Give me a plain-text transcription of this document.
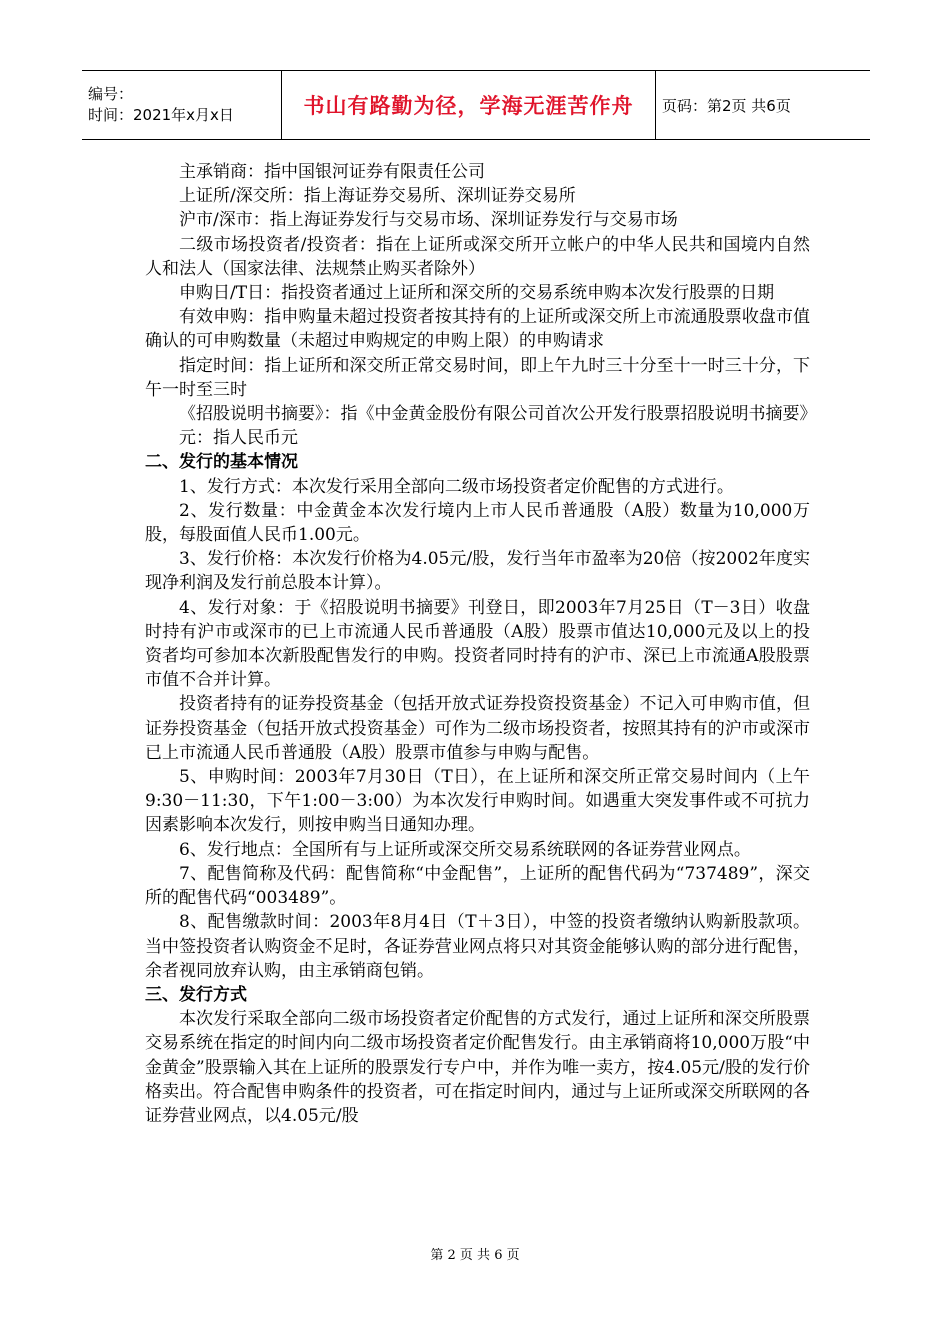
编号：
时间：2021年x月x日	书山有路勤为径，学海无涯苦作舟 页码：第2页 共6页

主承销商：指中国银河证券有限责任公司

上证所/深交所：指上海证券交易所、深圳证券交易所

沪市/深市：指上海证券发行与交易市场、深圳证券发行与交易市场

二级市场投资者/投资者：指在上证所或深交所开立帐户的中华人民共和国境内自然人和法人（国家法律、法规禁止购买者除外）

申购日/T日：指投资者通过上证所和深交所的交易系统申购本次发行股票的日期

有效申购：指申购量未超过投资者按其持有的上证所或深交所上市流通股票收盘市值确认的可申购数量（未超过申购规定的申购上限）的申购请求

指定时间：指上证所和深交所正常交易时间，即上午九时三十分至十一时三十分，下午一时至三时

《招股说明书摘要》：指《中金黄金股份有限公司首次公开发行股票招股说明书摘要》

元：指人民币元

二、发行的基本情况

1、发行方式：本次发行采用全部向二级市场投资者定价配售的方式进行。

2、发行数量：中金黄金本次发行境内上市人民币普通股（A股）数量为10,000万股，每股面值人民币1.00元。

3、发行价格：本次发行价格为4.05元/股，发行当年市盈率为20倍（按2002年度实现净利润及发行前总股本计算）。

4、发行对象：于《招股说明书摘要》刊登日，即2003年7月25日（T－3日）收盘时持有沪市或深市的已上市流通人民币普通股（A股）股票市值达10,000元及以上的投资者均可参加本次新股配售发行的申购。投资者同时持有的沪市、深已上市流通A股股票市值不合并计算。

投资者持有的证券投资基金（包括开放式证券投资投资基金）不记入可申购市值，但证券投资基金（包括开放式投资基金）可作为二级市场投资者，按照其持有的沪市或深市已上市流通人民币普通股（A股）股票市值参与申购与配售。

5、申购时间：2003年7月30日（T日），在上证所和深交所正常交易时间内（上午9:30－11:30，下午1:00－3:00）为本次发行申购时间。如遇重大突发事件或不可抗力因素影响本次发行，则按申购当日通知办理。

6、发行地点：全国所有与上证所或深交所交易系统联网的各证券营业网点。

7、配售简称及代码：配售简称“中金配售”，上证所的配售代码为“737489”，深交所的配售代码“003489”。

8、配售缴款时间：2003年8月4日（T＋3日），中签的投资者缴纳认购新股款项。当中签投资者认购资金不足时，各证券营业网点将只对其资金能够认购的部分进行配售，余者视同放弃认购，由主承销商包销。

三、发行方式

本次发行采取全部向二级市场投资者定价配售的方式发行，通过上证所和深交所股票交易系统在指定的时间内向二级市场投资者定价配售发行。由主承销商将10,000万股“中金黄金”股票输入其在上证所的股票发行专户中，并作为唯一卖方，按4.05元/股的发行价格卖出。符合配售申购条件的投资者，可在指定时间内，通过与上证所或深交所联网的各证券营业网点，以4.05元/股

第 2 页 共 6 页
